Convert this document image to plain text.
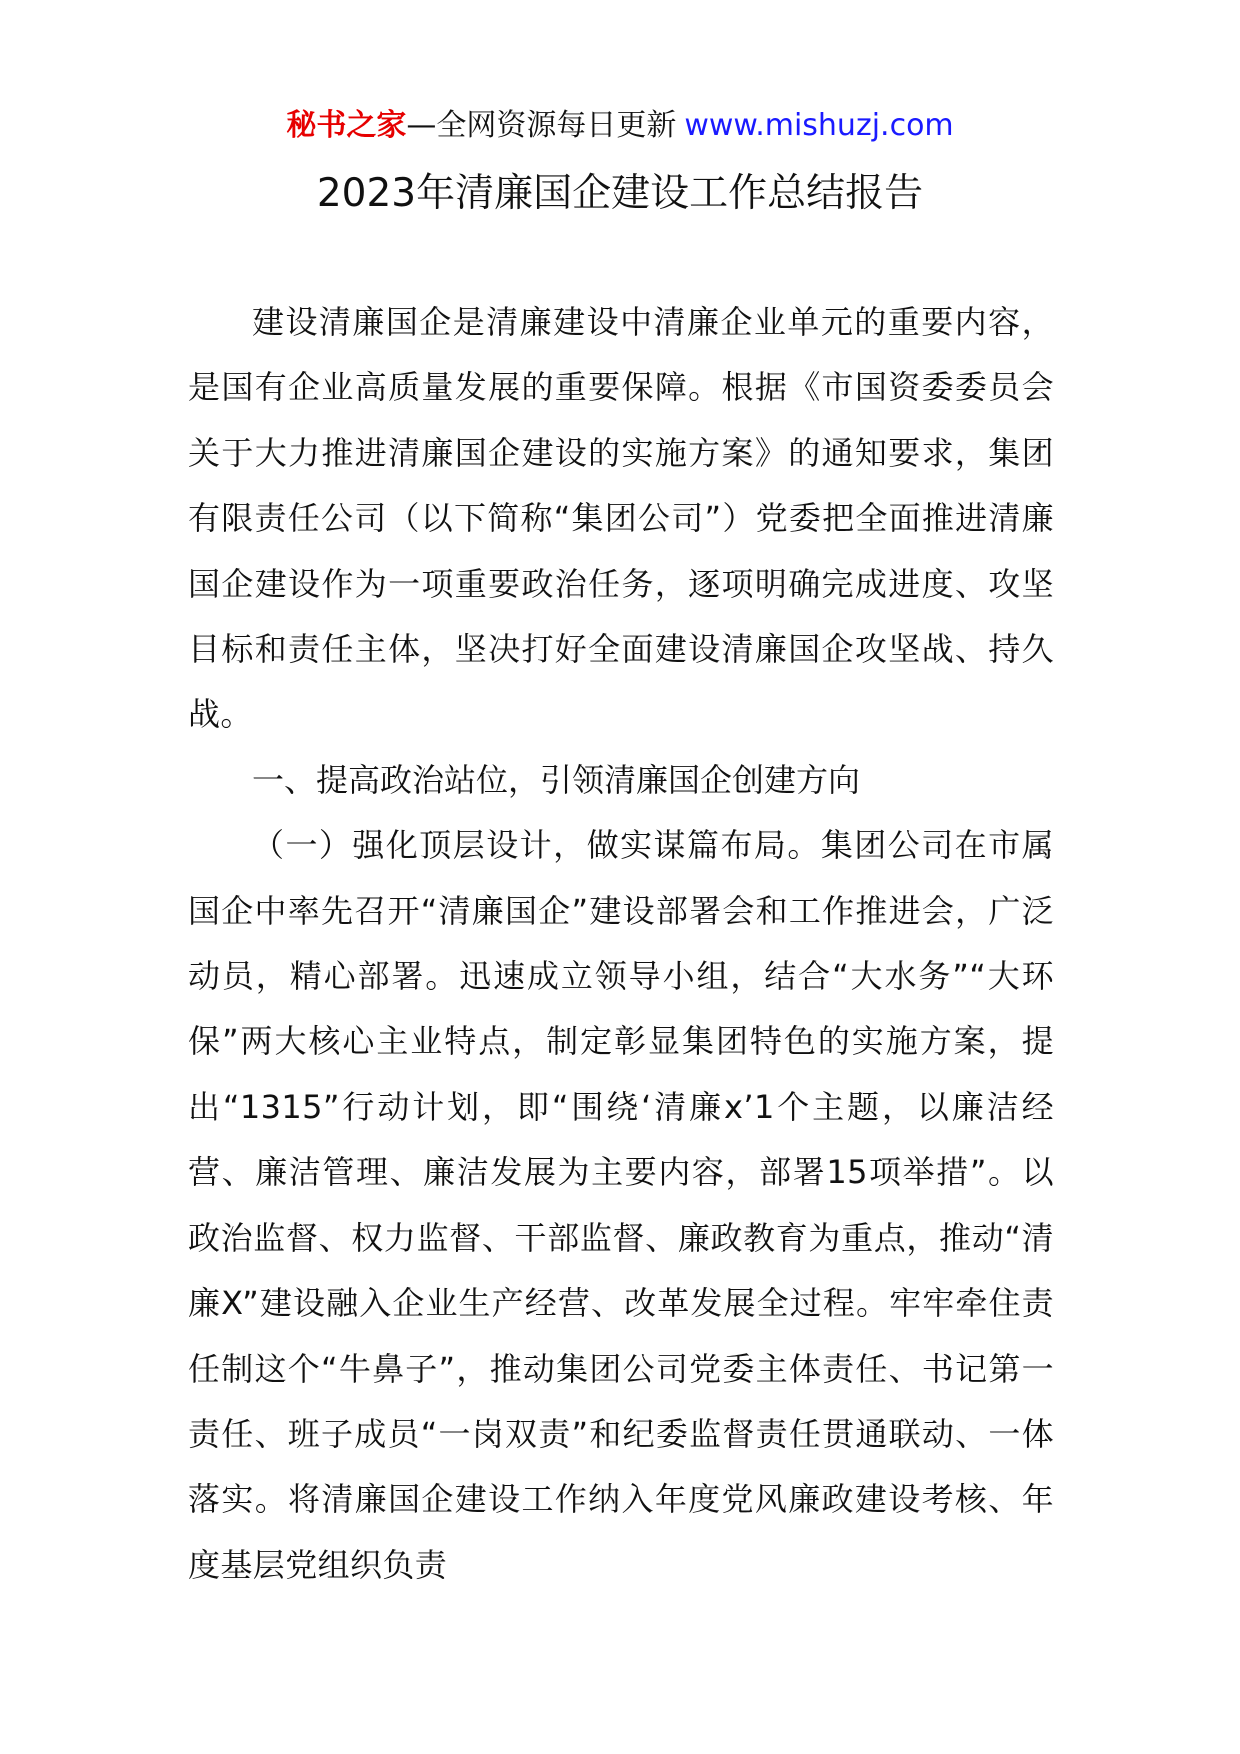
秘书之家—全网资源每日更新 www.mishuzj.com
2023年清廉国企建设工作总结报告

建设清廉国企是清廉建设中清廉企业单元的重要内容，是国有企业高质量发展的重要保障。根据《市国资委委员会关于大力推进清廉国企建设的实施方案》的通知要求，集团有限责任公司（以下简称“集团公司”）党委把全面推进清廉国企建设作为一项重要政治任务，逐项明确完成进度、攻坚目标和责任主体，坚决打好全面建设清廉国企攻坚战、持久战。

一、提高政治站位，引领清廉国企创建方向

（一）强化顶层设计，做实谋篇布局。集团公司在市属国企中率先召开“清廉国企”建设部署会和工作推进会，广泛动员，精心部署。迅速成立领导小组，结合“大水务”“大环保”两大核心主业特点，制定彰显集团特色的实施方案，提出“1315”行动计划，即“围绕‘清廉x’1个主题，以廉洁经营、廉洁管理、廉洁发展为主要内容，部署15项举措”。以政治监督、权力监督、干部监督、廉政教育为重点，推动“清廉X”建设融入企业生产经营、改革发展全过程。牢牢牵住责任制这个“牛鼻子”，推动集团公司党委主体责任、书记第一责任、班子成员“一岗双责”和纪委监督责任贯通联动、一体落实。将清廉国企建设工作纳入年度党风廉政建设考核、年度基层党组织负责
